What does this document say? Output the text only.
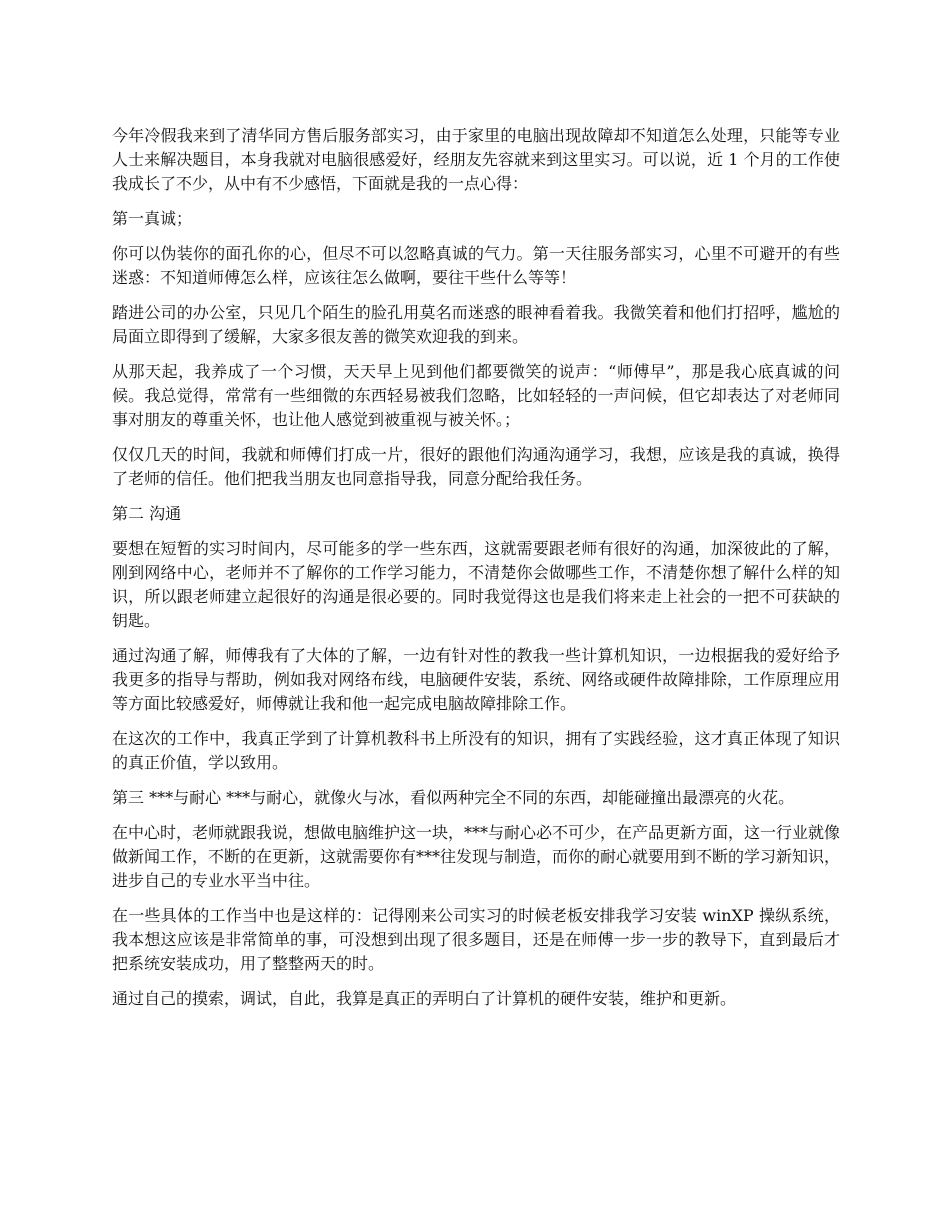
今年冷假我来到了清华同方售后服务部实习，由于家里的电脑出现故障却不知道怎么处理，只能等专业人士来解决题目，本身我就对电脑很感爱好，经朋友先容就来到这里实习。可以说，近 1 个月的工作使我成长了不少，从中有不少感悟，下面就是我的一点心得：

第一真诚；

你可以伪装你的面孔你的心，但尽不可以忽略真诚的气力。第一天往服务部实习，心里不可避开的有些迷惑：不知道师傅怎么样，应该往怎么做啊，要往干些什么等等！

踏进公司的办公室，只见几个陌生的脸孔用莫名而迷惑的眼神看着我。我微笑着和他们打招呼，尴尬的局面立即得到了缓解，大家多很友善的微笑欢迎我的到来。

从那天起，我养成了一个习惯，天天早上见到他们都要微笑的说声：“师傅早”，那是我心底真诚的问候。我总觉得，常常有一些细微的东西轻易被我们忽略，比如轻轻的一声问候，但它却表达了对老师同事对朋友的尊重关怀，也让他人感觉到被重视与被关怀。；

仅仅几天的时间，我就和师傅们打成一片，很好的跟他们沟通沟通学习，我想，应该是我的真诚，换得了老师的信任。他们把我当朋友也同意指导我，同意分配给我任务。

第二 沟通

要想在短暂的实习时间内，尽可能多的学一些东西，这就需要跟老师有很好的沟通，加深彼此的了解，刚到网络中心，老师并不了解你的工作学习能力，不清楚你会做哪些工作，不清楚你想了解什么样的知识，所以跟老师建立起很好的沟通是很必要的。同时我觉得这也是我们将来走上社会的一把不可获缺的钥匙。

通过沟通了解，师傅我有了大体的了解，一边有针对性的教我一些计算机知识，一边根据我的爱好给予我更多的指导与帮助，例如我对网络布线，电脑硬件安装，系统、网络或硬件故障排除，工作原理应用等方面比较感爱好，师傅就让我和他一起完成电脑故障排除工作。

在这次的工作中，我真正学到了计算机教科书上所没有的知识，拥有了实践经验，这才真正体现了知识的真正价值，学以致用。

第三 ***与耐心 ***与耐心，就像火与冰，看似两种完全不同的东西，却能碰撞出最漂亮的火花。

在中心时，老师就跟我说，想做电脑维护这一块，***与耐心必不可少，在产品更新方面，这一行业就像做新闻工作，不断的在更新，这就需要你有***往发现与制造，而你的耐心就要用到不断的学习新知识，进步自己的专业水平当中往。

在一些具体的工作当中也是这样的：记得刚来公司实习的时候老板安排我学习安装 winXP 操纵系统，我本想这应该是非常简单的事，可没想到出现了很多题目，还是在师傅一步一步的教导下，直到最后才把系统安装成功，用了整整两天的时。

通过自己的摸索，调试，自此，我算是真正的弄明白了计算机的硬件安装，维护和更新。
